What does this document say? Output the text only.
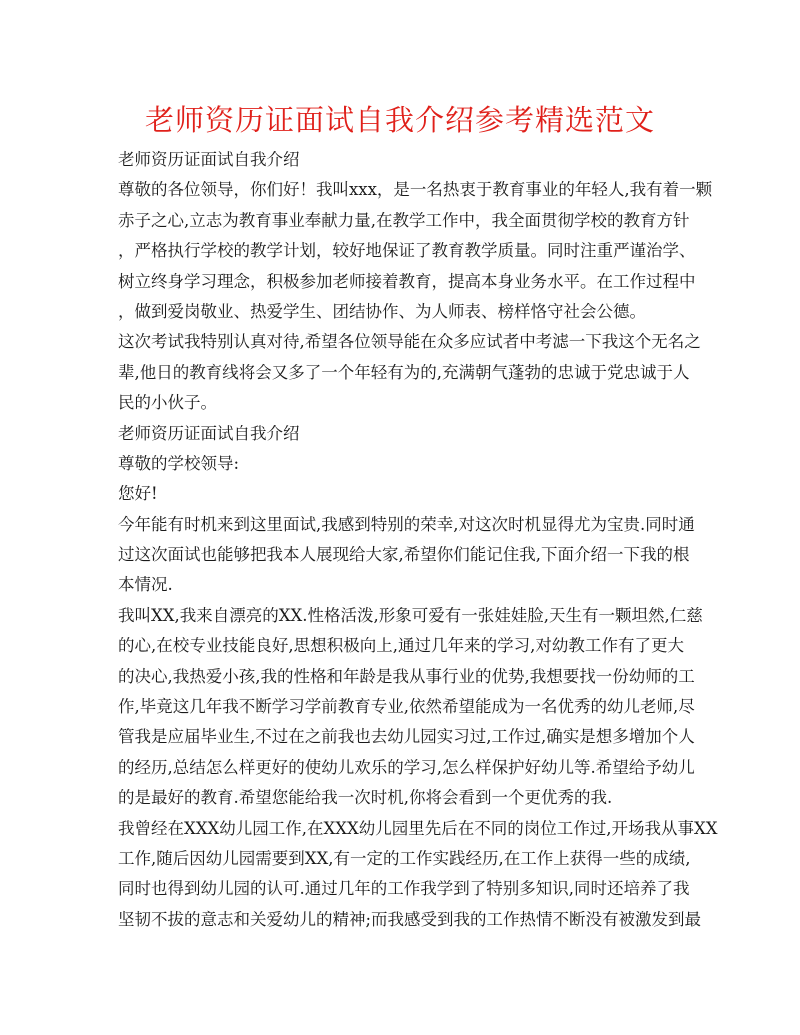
老师资历证面试自我介绍参考精选范文
老师资历证面试自我介绍
尊敬的各位领导，你们好！我叫xxx，是一名热衷于教育事业的年轻人,我有着一颗
赤子之心,立志为教育事业奉献力量,在教学工作中，我全面贯彻学校的教育方针
，严格执行学校的教学计划，较好地保证了教育教学质量。同时注重严谨治学、
树立终身学习理念，积极参加老师接着教育，提高本身业务水平。在工作过程中
，做到爱岗敬业、热爱学生、团结协作、为人师表、榜样恪守社会公德。
这次考试我特别认真对待,希望各位领导能在众多应试者中考滤一下我这个无名之
辈,他日的教育线将会又多了一个年轻有为的,充满朝气蓬勃的忠诚于党忠诚于人
民的小伙子。
老师资历证面试自我介绍
尊敬的学校领导:
您好!
今年能有时机来到这里面试,我感到特别的荣幸,对这次时机显得尤为宝贵.同时通
过这次面试也能够把我本人展现给大家,希望你们能记住我,下面介绍一下我的根
本情况.
我叫XX,我来自漂亮的XX.性格活泼,形象可爱有一张娃娃脸,天生有一颗坦然,仁慈
的心,在校专业技能良好,思想积极向上,通过几年来的学习,对幼教工作有了更大
的决心,我热爱小孩,我的性格和年龄是我从事行业的优势,我想要找一份幼师的工
作,毕竟这几年我不断学习学前教育专业,依然希望能成为一名优秀的幼儿老师,尽
管我是应届毕业生,不过在之前我也去幼儿园实习过,工作过,确实是想多增加个人
的经历,总结怎么样更好的使幼儿欢乐的学习,怎么样保护好幼儿等.希望给予幼儿
的是最好的教育.希望您能给我一次时机,你将会看到一个更优秀的我.
我曾经在XXX幼儿园工作,在XXX幼儿园里先后在不同的岗位工作过,开场我从事XX
工作,随后因幼儿园需要到XX,有一定的工作实践经历,在工作上获得一些的成绩,
同时也得到幼儿园的认可.通过几年的工作我学到了特别多知识,同时还培养了我
坚韧不拔的意志和关爱幼儿的精神;而我感受到我的工作热情不断没有被激发到最
